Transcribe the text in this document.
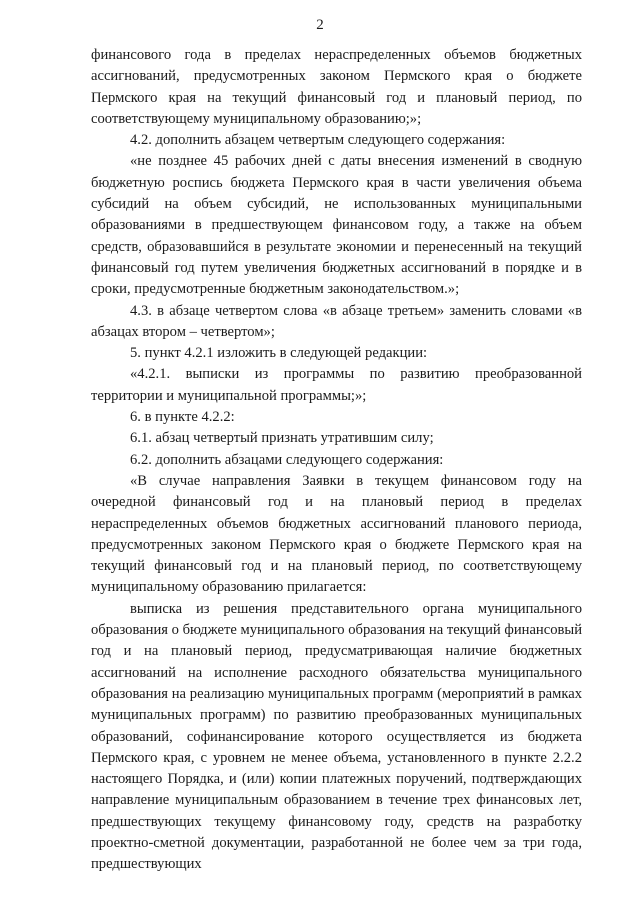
2

финансового года в пределах нераспределенных объемов бюджетных ассигнований, предусмотренных законом Пермского края о бюджете Пермского края на текущий финансовый год и плановый период, по соответствующему муниципальному образованию;»;

4.2. дополнить абзацем четвертым следующего содержания:

«не позднее 45 рабочих дней с даты внесения изменений в сводную бюджетную роспись бюджета Пермского края в части увеличения объема субсидий на объем субсидий, не использованных муниципальными образованиями в предшествующем финансовом году, а также на объем средств, образовавшийся в результате экономии и перенесенный на текущий финансовый год путем увеличения бюджетных ассигнований в порядке и в сроки, предусмотренные бюджетным законодательством.»;

4.3. в абзаце четвертом слова «в абзаце третьем» заменить словами «в абзацах втором – четвертом»;

5. пункт 4.2.1 изложить в следующей редакции:

«4.2.1. выписки из программы по развитию преобразованной территории и муниципальной программы;»;

6. в пункте 4.2.2:

6.1. абзац четвертый признать утратившим силу;

6.2. дополнить абзацами следующего содержания:

«В случае направления Заявки в текущем финансовом году на очередной финансовый год и на плановый период в пределах нераспределенных объемов бюджетных ассигнований планового периода, предусмотренных законом Пермского края о бюджете Пермского края на текущий финансовый год и на плановый период, по соответствующему муниципальному образованию прилагается:

выписка из решения представительного органа муниципального образования о бюджете муниципального образования на текущий финансовый год и на плановый период, предусматривающая наличие бюджетных ассигнований на исполнение расходного обязательства муниципального образования на реализацию муниципальных программ (мероприятий в рамках муниципальных программ) по развитию преобразованных муниципальных образований, софинансирование которого осуществляется из бюджета Пермского края, с уровнем не менее объема, установленного в пункте 2.2.2 настоящего Порядка, и (или) копии платежных поручений, подтверждающих направление муниципальным образованием в течение трех финансовых лет, предшествующих текущему финансовому году, средств на разработку проектно-сметной документации, разработанной не более чем за три года, предшествующих
